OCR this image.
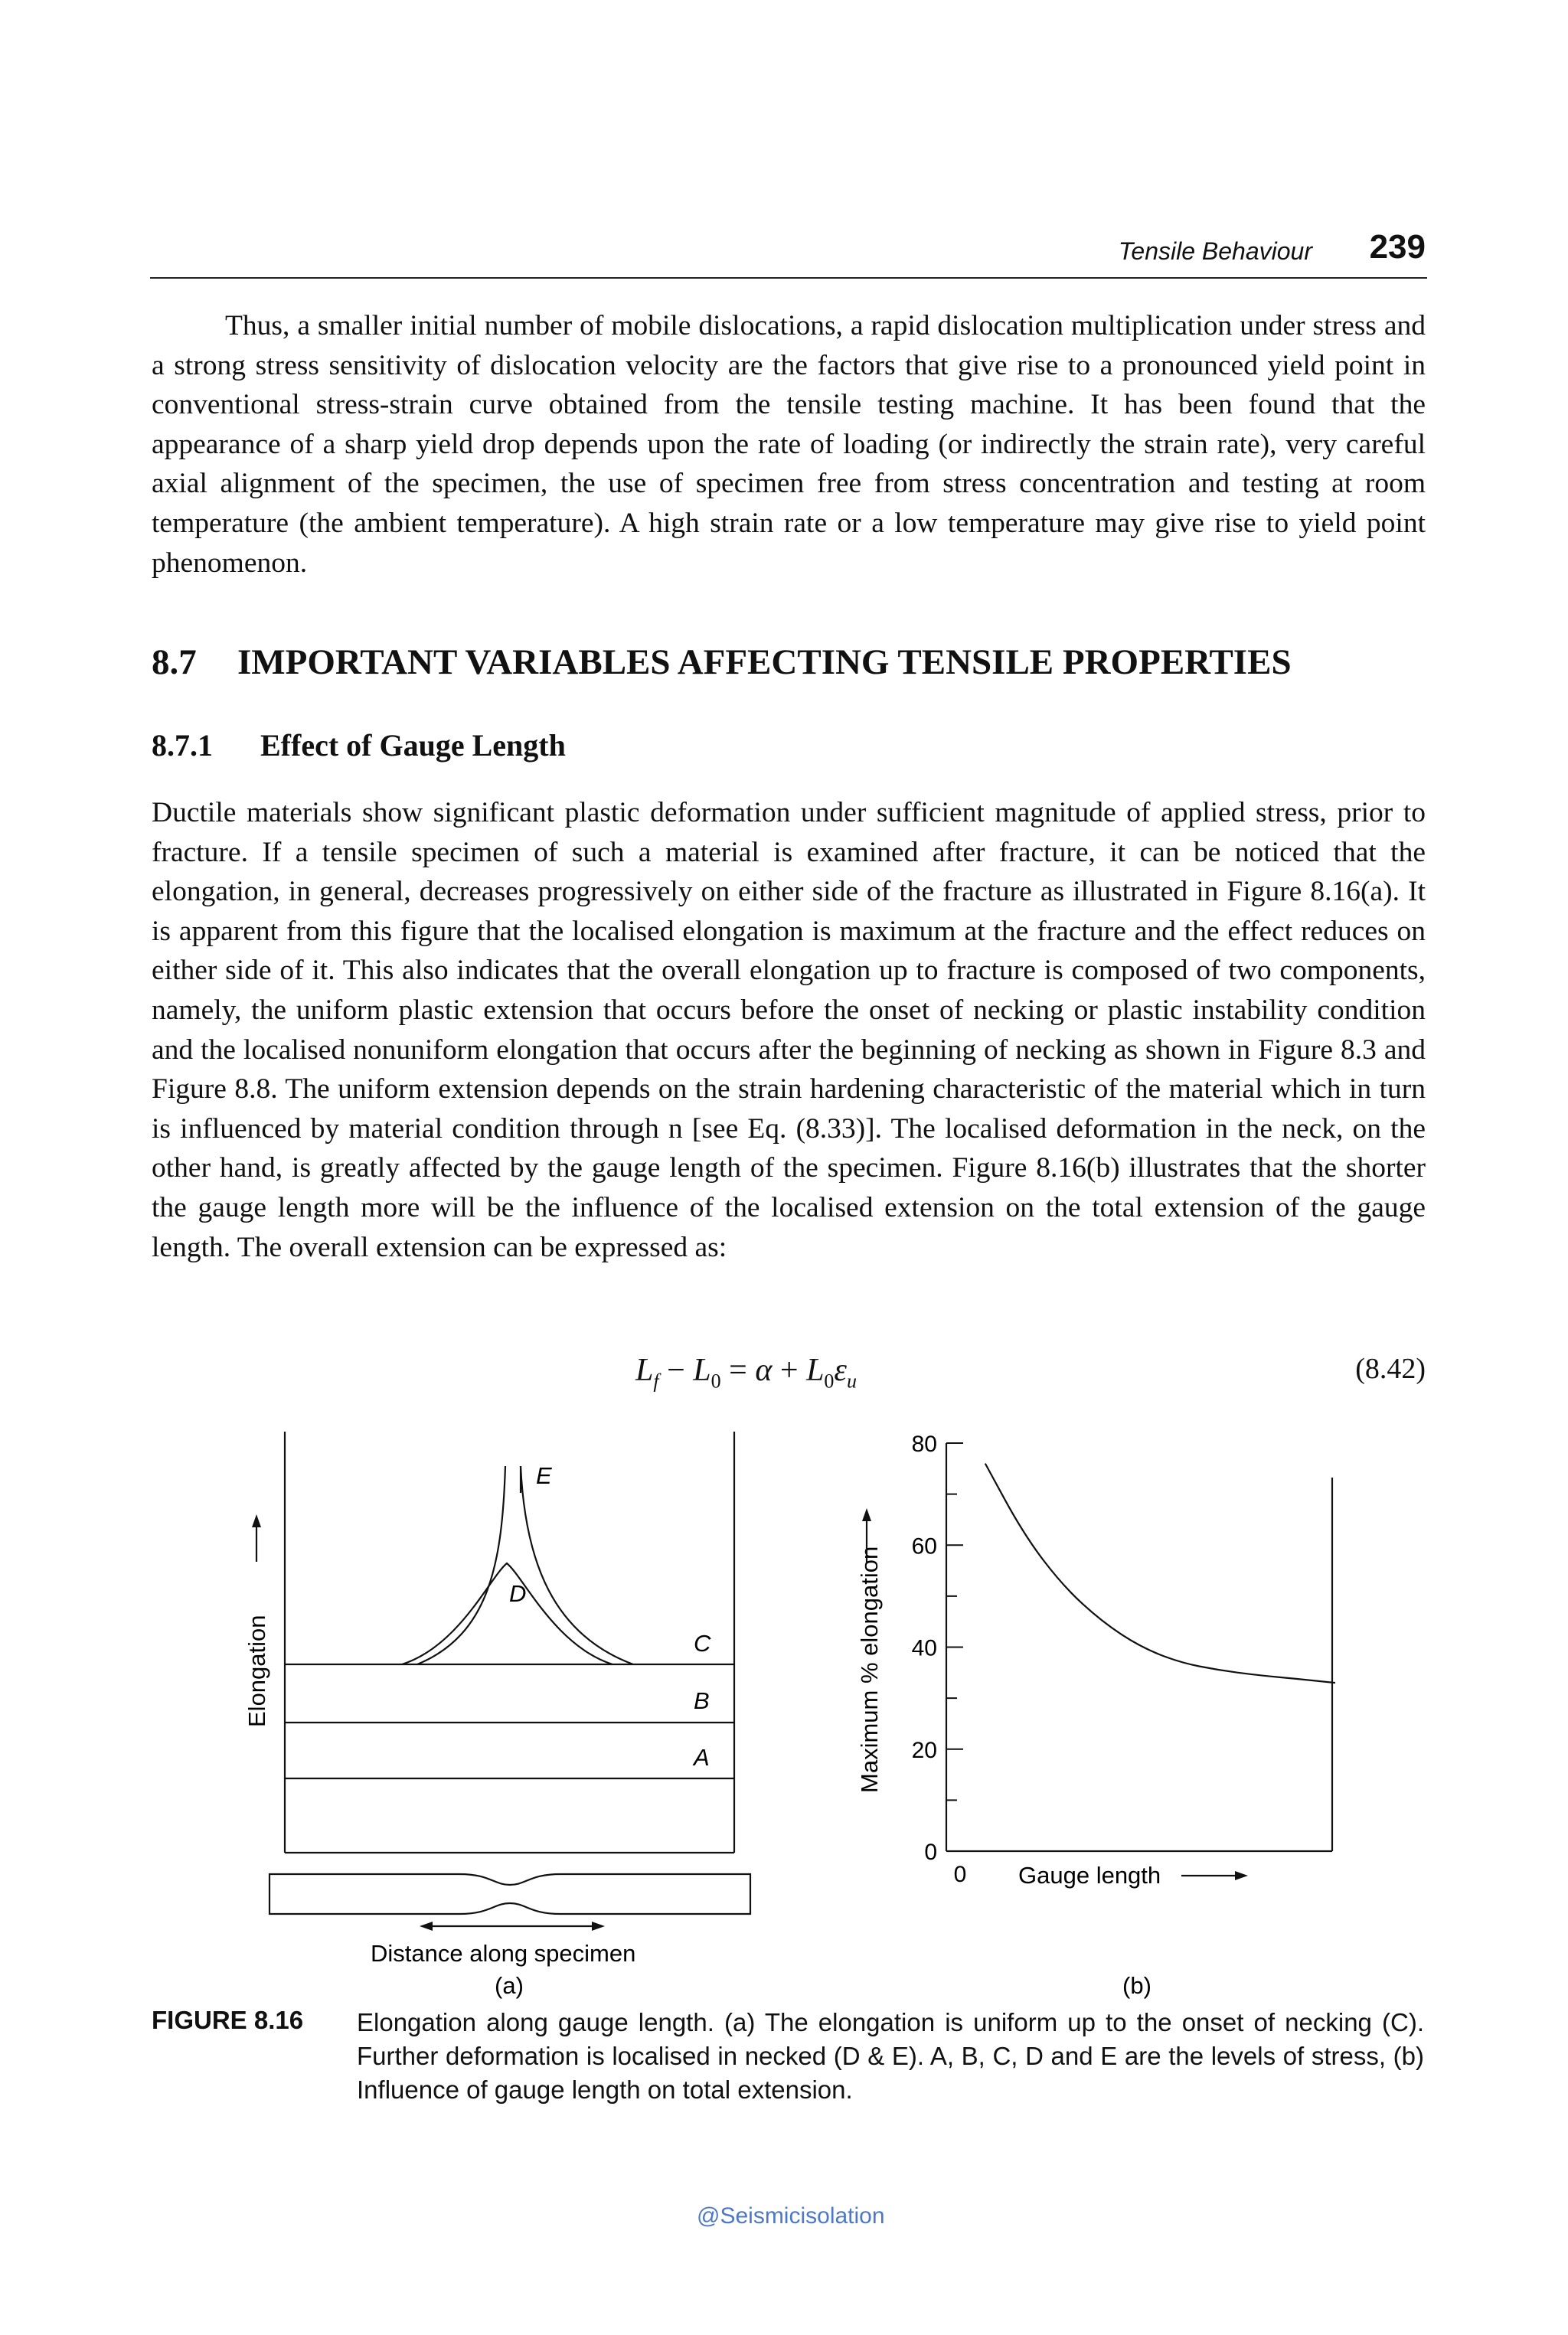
Tensile Behaviour 239

Thus, a smaller initial number of mobile dislocations, a rapid dislocation multiplication under stress and a strong stress sensitivity of dislocation velocity are the factors that give rise to a pronounced yield point in conventional stress-strain curve obtained from the tensile testing machine. It has been found that the appearance of a sharp yield drop depends upon the rate of loading (or indirectly the strain rate), very careful axial alignment of the specimen, the use of specimen free from stress concentration and testing at room temperature (the ambient temperature). A high strain rate or a low temperature may give rise to yield point phenomenon.

8.7 IMPORTANT VARIABLES AFFECTING TENSILE PROPERTIES
8.7.1 Effect of Gauge Length

Ductile materials show significant plastic deformation under sufficient magnitude of applied stress, prior to fracture. If a tensile specimen of such a material is examined after fracture, it can be noticed that the elongation, in general, decreases progressively on either side of the fracture as illustrated in Figure 8.16(a). It is apparent from this figure that the localised elongation is maximum at the fracture and the effect reduces on either side of it. This also indicates that the overall elongation up to fracture is composed of two components, namely, the uniform plastic extension that occurs before the onset of necking or plastic instability condition and the localised nonuniform elongation that occurs after the beginning of necking as shown in Figure 8.3 and Figure 8.8. The uniform extension depends on the strain hardening characteristic of the material which in turn is influenced by material condition through n [see Eq. (8.33)]. The localised deformation in the neck, on the other hand, is greatly affected by the gauge length of the specimen. Figure 8.16(b) illustrates that the shorter the gauge length more will be the influence of the localised extension on the total extension of the gauge length. The overall extension can be expressed as:

$L_f - L_0 = \alpha + L_0\varepsilon_u$	(8.42)
Elongation
Distance along specimen
A
B
C
D
E
(a)
0
20
40
60
80
0
Maximum % elongation
Gauge length
(b)
FIGURE 8.16 Elongation along gauge length. (a) The elongation is uniform up to the onset of necking (C). Further deformation is localised in necked (D & E). A, B, C, D and E are the levels of stress, (b) Influence of gauge length on total extension.
@Seismicisolation
